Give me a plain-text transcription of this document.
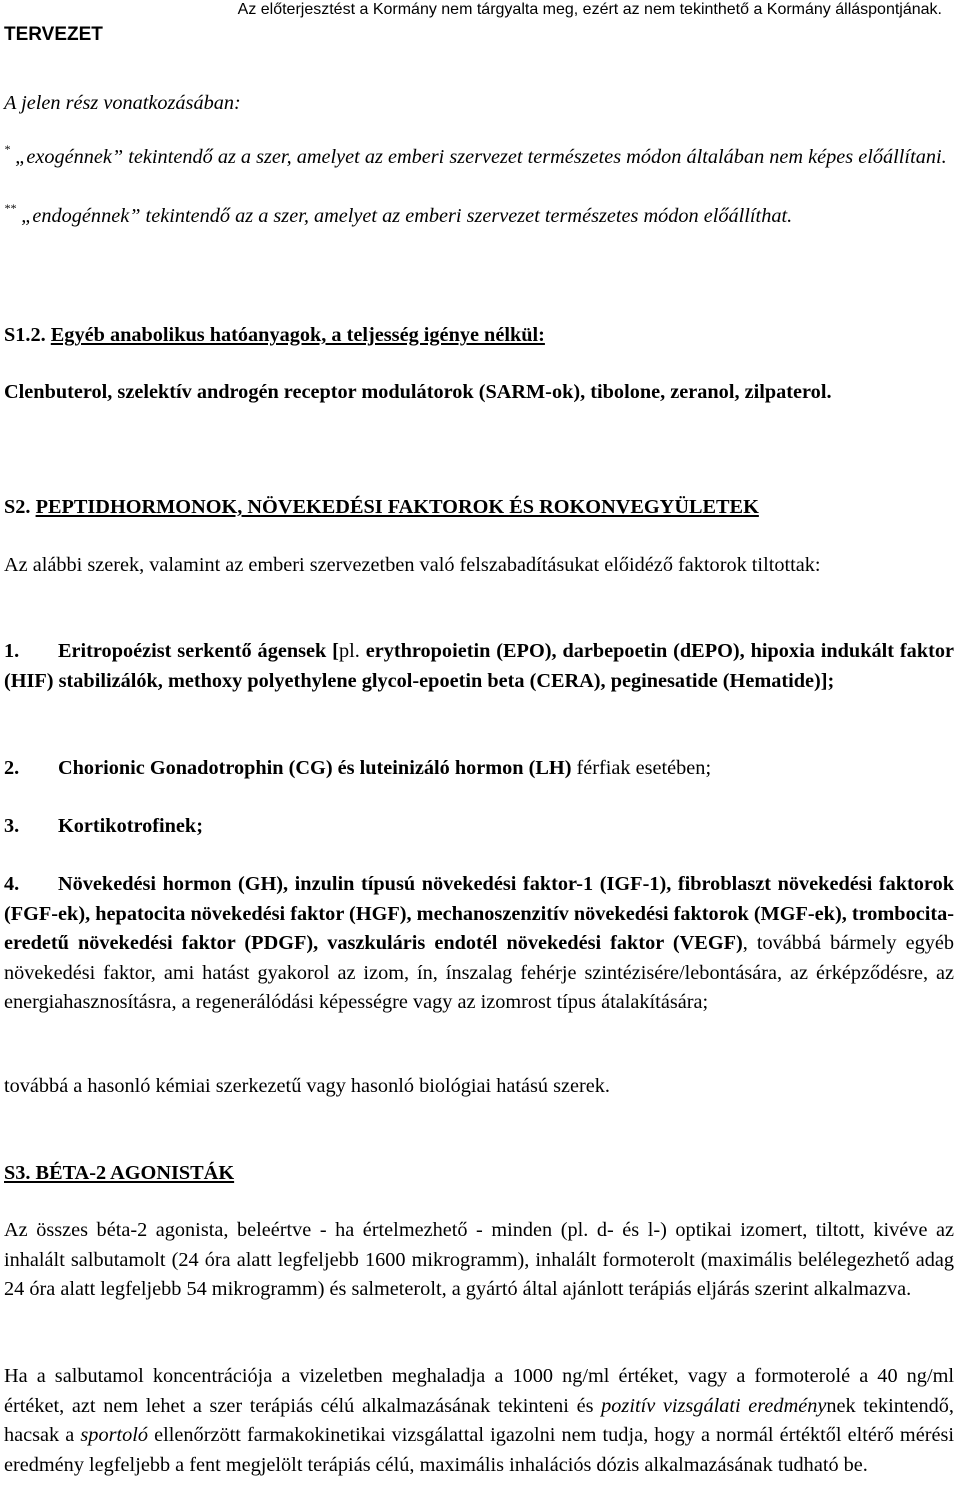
Az előterjesztést a Kormány nem tárgyalta meg, ezért az nem tekinthető a Kormány álláspontjának.
TERVEZET
A jelen rész vonatkozásában:
* „exogénnek” tekintendő az a szer, amelyet az emberi szervezet természetes módon általában nem képes előállítani.
** „endogénnek” tekintendő az a szer, amelyet az emberi szervezet természetes módon előállíthat.
S1.2. Egyéb anabolikus hatóanyagok, a teljesség igénye nélkül:
Clenbuterol, szelektív androgén receptor modulátorok (SARM-ok), tibolone, zeranol, zilpaterol.
S2. PEPTIDHORMONOK, NÖVEKEDÉSI FAKTOROK ÉS ROKONVEGYÜLETEK
Az alábbi szerek, valamint az emberi szervezetben való felszabadításukat előidéző faktorok tiltottak:
1. Eritropoézist serkentő ágensek [pl. erythropoietin (EPO), darbepoetin (dEPO), hipoxia indukált faktor (HIF) stabilizálók, methoxy polyethylene glycol-epoetin beta (CERA), peginesatide (Hematide)];
2. Chorionic Gonadotrophin (CG) és luteinizáló hormon (LH) férfiak esetében;
3. Kortikotrofinek;
4. Növekedési hormon (GH), inzulin típusú növekedési faktor-1 (IGF-1), fibroblaszt növekedési faktorok (FGF-ek), hepatocita növekedési faktor (HGF), mechanoszenzitív növekedési faktorok (MGF-ek), trombocita-eredetű növekedési faktor (PDGF), vaszkuláris endotél növekedési faktor (VEGF), továbbá bármely egyéb növekedési faktor, ami hatást gyakorol az izom, ín, ínszalag fehérje szintézisére/lebontására, az érképződésre, az energiahasznosításra, a regenerálódási képességre vagy az izomrost típus átalakítására;
továbbá a hasonló kémiai szerkezetű vagy hasonló biológiai hatású szerek.
S3. BÉTA-2 AGONISTÁK
Az összes béta-2 agonista, beleértve - ha értelmezhető - minden (pl. d- és l-) optikai izomert, tiltott, kivéve az inhalált salbutamolt (24 óra alatt legfeljebb 1600 mikrogramm), inhalált formoterolt (maximális belélegezhető adag 24 óra alatt legfeljebb 54 mikrogramm) és salmeterolt, a gyártó által ajánlott terápiás eljárás szerint alkalmazva.
Ha a salbutamol koncentrációja a vizeletben meghaladja a 1000 ng/ml értéket, vagy a formoterolé a 40 ng/ml értéket, azt nem lehet a szer terápiás célú alkalmazásának tekinteni és pozitív vizsgálati eredménynek tekintendő, hacsak a sportoló ellenőrzött farmakokinetikai vizsgálattal igazolni nem tudja, hogy a normál értéktől eltérő mérési eredmény legfeljebb a fent megjelölt terápiás célú, maximális inhalációs dózis alkalmazásának tudható be.
